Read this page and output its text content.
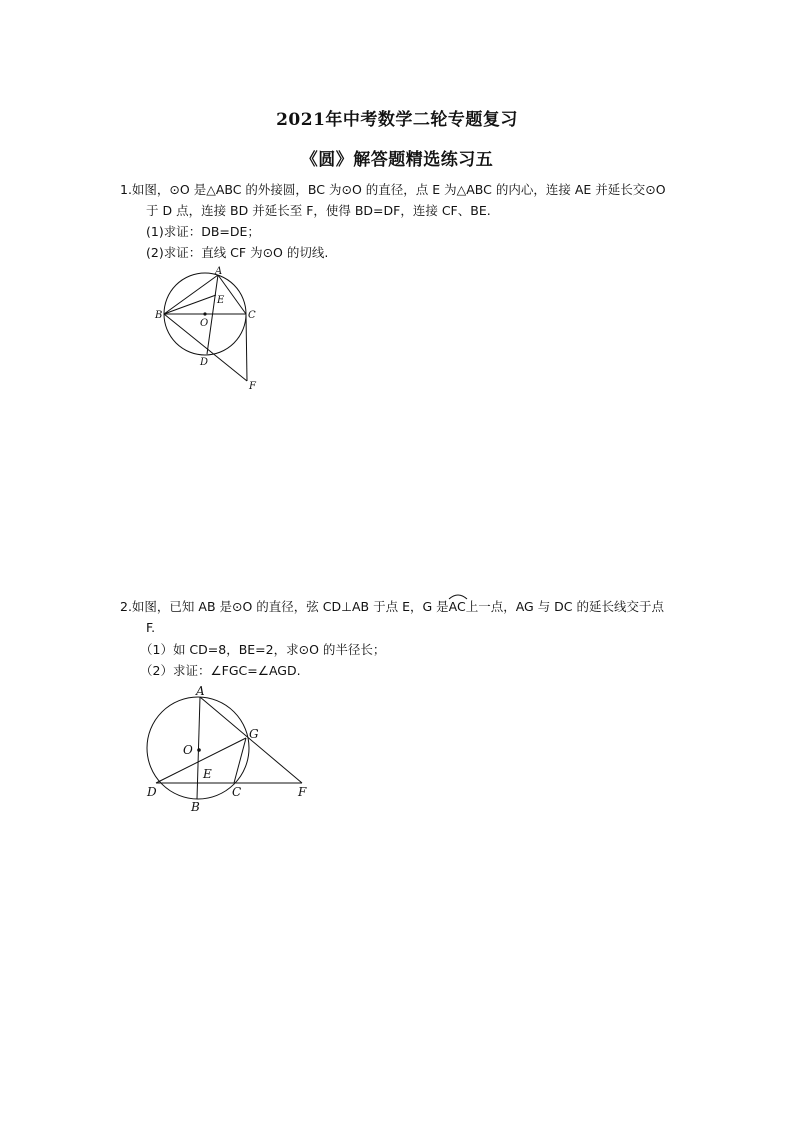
2021年中考数学二轮专题复习
《圆》解答题精选练习五
1.如图，⊙O 是△ABC 的外接圆，BC 为⊙O 的直径，点 E 为△ABC 的内心，连接 AE 并延长交⊙O
于 D 点，连接 BD 并延长至 F，使得 BD=DF，连接 CF、BE.
(1)求证：DB=DE；
(2)求证：直线 CF 为⊙O 的切线.
A
B	C
E
O
D
F
2.如图，已知 AB 是⊙O 的直径，弦 CD⊥AB 于点 E，G 是
AC上一点，AG 与 DC 的延长线交于点
F.
（1）如 CD=8，BE=2，求⊙O 的半径长；
（2）求证：∠FGC=∠AGD.
A
O
G
E
D	C	F
B
